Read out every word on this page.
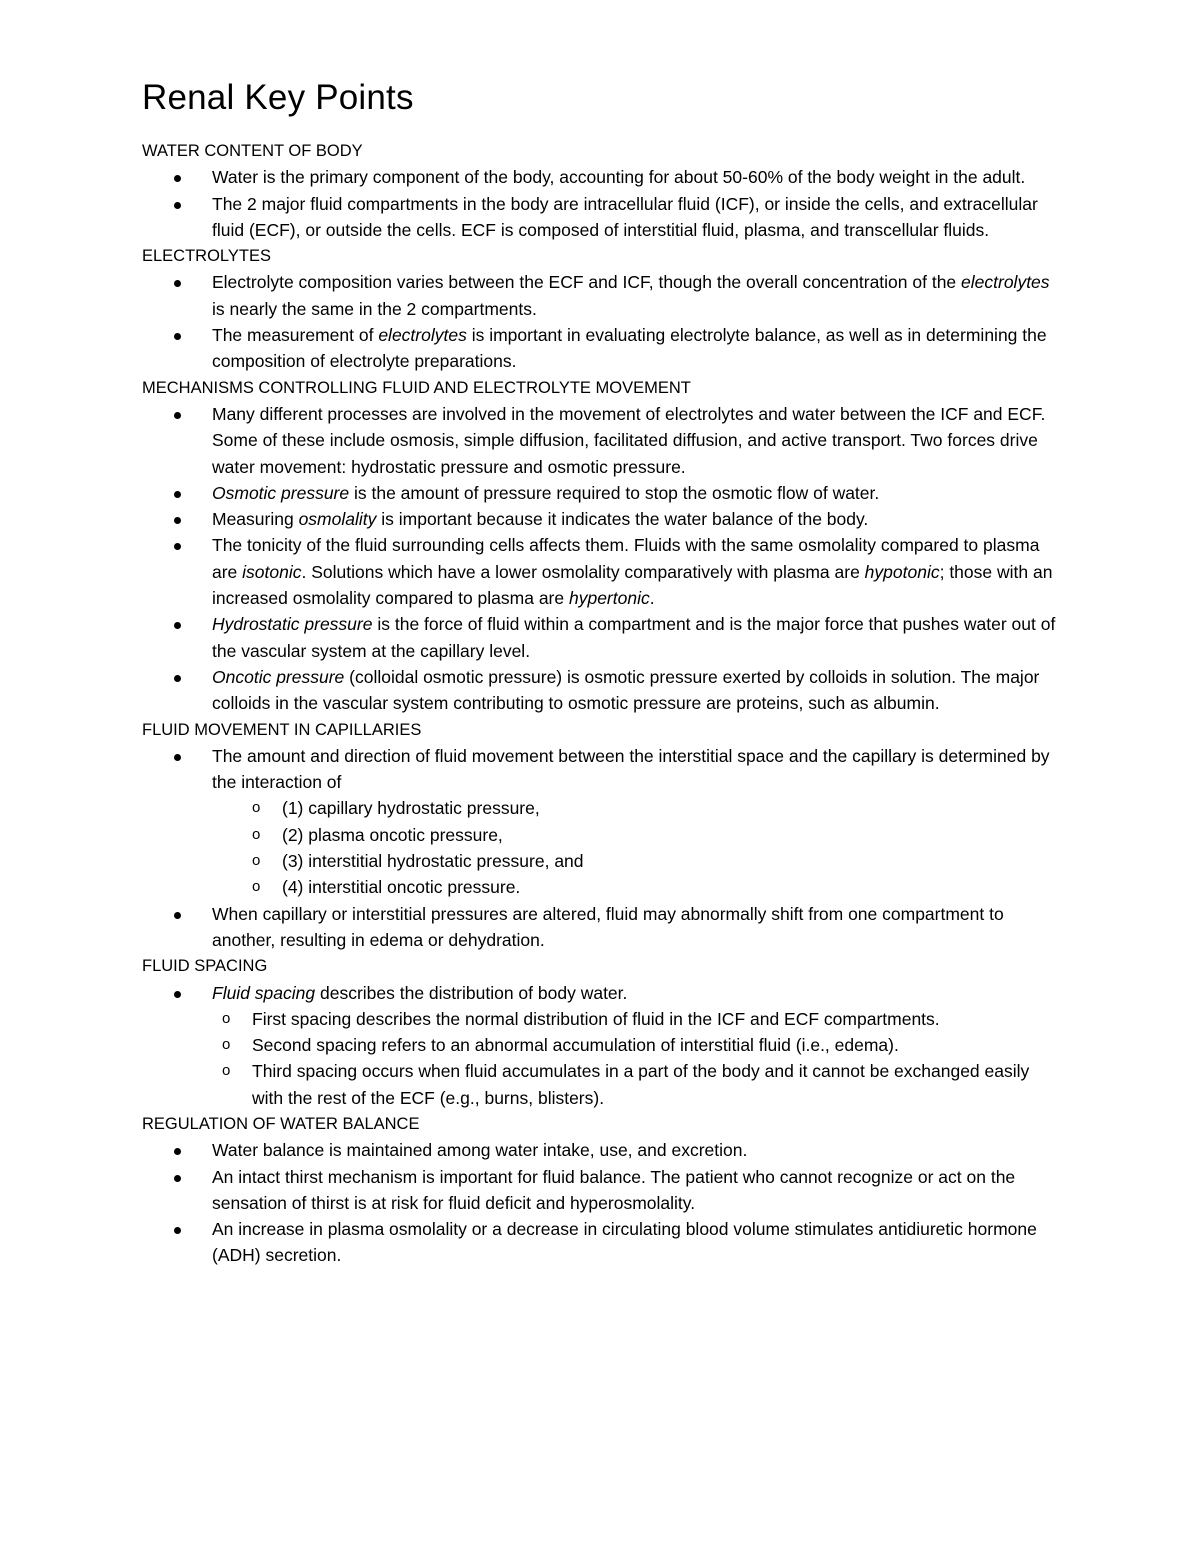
Renal Key Points
WATER CONTENT OF BODY
Water is the primary component of the body, accounting for about 50-60% of the body weight in the adult.
The 2 major fluid compartments in the body are intracellular fluid (ICF), or inside the cells, and extracellular fluid (ECF), or outside the cells. ECF is composed of interstitial fluid, plasma, and transcellular fluids.
ELECTROLYTES
Electrolyte composition varies between the ECF and ICF, though the overall concentration of the electrolytes is nearly the same in the 2 compartments.
The measurement of electrolytes is important in evaluating electrolyte balance, as well as in determining the composition of electrolyte preparations.
MECHANISMS CONTROLLING FLUID AND ELECTROLYTE MOVEMENT
Many different processes are involved in the movement of electrolytes and water between the ICF and ECF. Some of these include osmosis, simple diffusion, facilitated diffusion, and active transport. Two forces drive water movement: hydrostatic pressure and osmotic pressure.
Osmotic pressure is the amount of pressure required to stop the osmotic flow of water.
Measuring osmolality is important because it indicates the water balance of the body.
The tonicity of the fluid surrounding cells affects them. Fluids with the same osmolality compared to plasma are isotonic. Solutions which have a lower osmolality comparatively with plasma are hypotonic; those with an increased osmolality compared to plasma are hypertonic.
Hydrostatic pressure is the force of fluid within a compartment and is the major force that pushes water out of the vascular system at the capillary level.
Oncotic pressure (colloidal osmotic pressure) is osmotic pressure exerted by colloids in solution. The major colloids in the vascular system contributing to osmotic pressure are proteins, such as albumin.
FLUID MOVEMENT IN CAPILLARIES
The amount and direction of fluid movement between the interstitial space and the capillary is determined by the interaction of
o (1) capillary hydrostatic pressure,
o (2) plasma oncotic pressure,
o (3) interstitial hydrostatic pressure, and
o (4) interstitial oncotic pressure.
When capillary or interstitial pressures are altered, fluid may abnormally shift from one compartment to another, resulting in edema or dehydration.
FLUID SPACING
Fluid spacing describes the distribution of body water.
o First spacing describes the normal distribution of fluid in the ICF and ECF compartments.
o Second spacing refers to an abnormal accumulation of interstitial fluid (i.e., edema).
o Third spacing occurs when fluid accumulates in a part of the body and it cannot be exchanged easily with the rest of the ECF (e.g., burns, blisters).
REGULATION OF WATER BALANCE
Water balance is maintained among water intake, use, and excretion.
An intact thirst mechanism is important for fluid balance. The patient who cannot recognize or act on the sensation of thirst is at risk for fluid deficit and hyperosmolality.
An increase in plasma osmolality or a decrease in circulating blood volume stimulates antidiuretic hormone (ADH) secretion.
